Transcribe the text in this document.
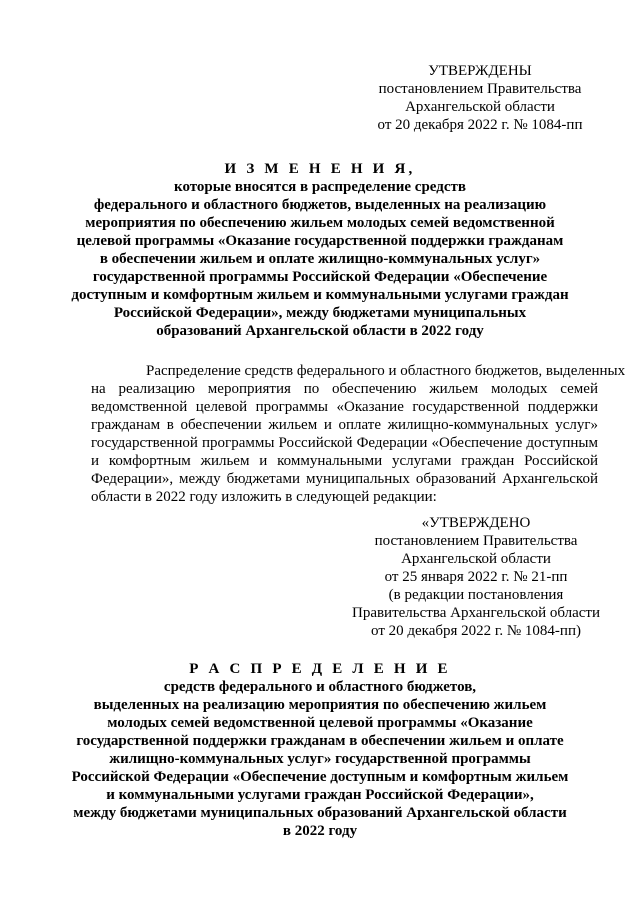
УТВЕРЖДЕНЫ
постановлением Правительства
Архангельской области
от 20 декабря 2022 г. № 1084-пп
И З М Е Н Е Н И Я,
которые вносятся в распределение средств
федерального и областного бюджетов, выделенных на реализацию
мероприятия по обеспечению жильем молодых семей ведомственной
целевой программы «Оказание государственной поддержки гражданам
в обеспечении жильем и оплате жилищно-коммунальных услуг»
государственной программы Российской Федерации «Обеспечение
доступным и комфортным жильем и коммунальными услугами граждан
Российской Федерации», между бюджетами муниципальных
образований Архангельской области в 2022 году
Распределение средств федерального и областного бюджетов, выделенных
на реализацию мероприятия по обеспечению жильем молодых семей
ведомственной целевой программы «Оказание государственной поддержки
гражданам в обеспечении жильем и оплате жилищно-коммунальных услуг»
государственной программы Российской Федерации «Обеспечение доступным
и комфортным жильем и коммунальными услугами граждан Российской
Федерации», между бюджетами муниципальных образований Архангельской
области в 2022 году изложить в следующей редакции:
«УТВЕРЖДЕНО
постановлением Правительства
Архангельской области
от 25 января 2022 г. № 21-пп
(в редакции постановления
Правительства Архангельской области
от 20 декабря 2022 г. № 1084-пп)
Р А С П Р Е Д Е Л Е Н И Е
средств федерального и областного бюджетов,
выделенных на реализацию мероприятия по обеспечению жильем
молодых семей ведомственной целевой программы «Оказание
государственной поддержки гражданам в обеспечении жильем и оплате
жилищно-коммунальных услуг» государственной программы
Российской Федерации «Обеспечение доступным и комфортным жильем
и коммунальными услугами граждан Российской Федерации»,
между бюджетами муниципальных образований Архангельской области
в 2022 году
